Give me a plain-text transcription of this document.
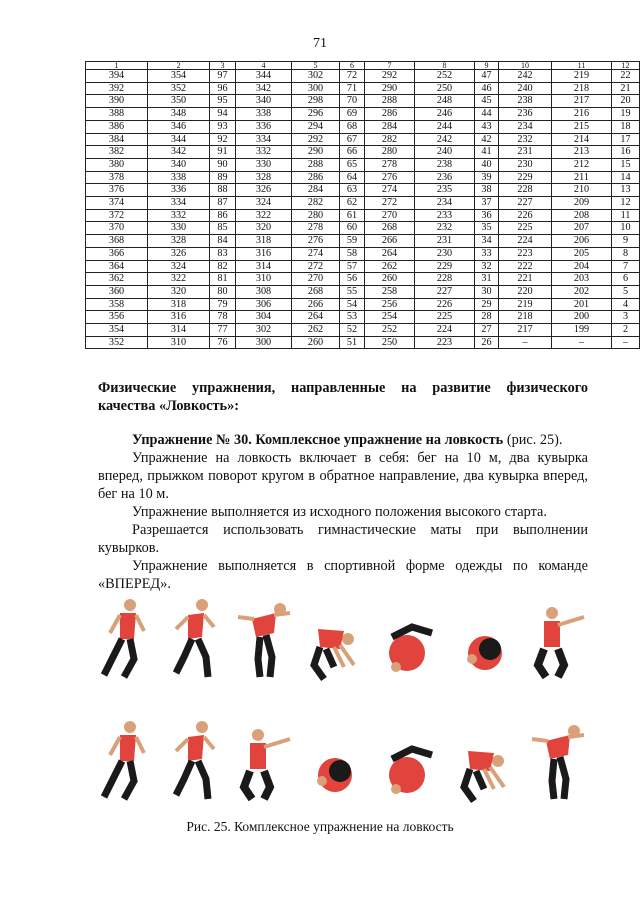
71
1	2	3	4	5	6	7	8	9	10	11	12
394	354	97	344	302	72	292	252	47	242	219	22
392	352	96	342	300	71	290	250	46	240	218	21
390	350	95	340	298	70	288	248	45	238	217	20
388	348	94	338	296	69	286	246	44	236	216	19
386	346	93	336	294	68	284	244	43	234	215	18
384	344	92	334	292	67	282	242	42	232	214	17
382	342	91	332	290	66	280	240	41	231	213	16
380	340	90	330	288	65	278	238	40	230	212	15
378	338	89	328	286	64	276	236	39	229	211	14
376	336	88	326	284	63	274	235	38	228	210	13
374	334	87	324	282	62	272	234	37	227	209	12
372	332	86	322	280	61	270	233	36	226	208	11
370	330	85	320	278	60	268	232	35	225	207	10
368	328	84	318	276	59	266	231	34	224	206	9
366	326	83	316	274	58	264	230	33	223	205	8
364	324	82	314	272	57	262	229	32	222	204	7
362	322	81	310	270	56	260	228	31	221	203	6
360	320	80	308	268	55	258	227	30	220	202	5
358	318	79	306	266	54	256	226	29	219	201	4
356	316	78	304	264	53	254	225	28	218	200	3
354	314	77	302	262	52	252	224	27	217	199	2
352	310	76	300	260	51	250	223	26	–	–	–
Физические упражнения, направленные на развитие физического качества «Ловкость»:

Упражнение № 30. Комплексное упражнение на ловкость (рис. 25).

Упражнение на ловкость включает в себя: бег на 10 м, два кувырка вперед, прыжком поворот кругом в обратное направление, два кувырка вперед, бег на 10 м.

Упражнение выполняется из исходного положения высокого старта.

Разрешается использовать гимнастические маты при выполнении кувырков.

Упражнение выполняется в спортивной форме одежды по команде «ВПЕРЕД».

Рис. 25. Комплексное упражнение на ловкость
